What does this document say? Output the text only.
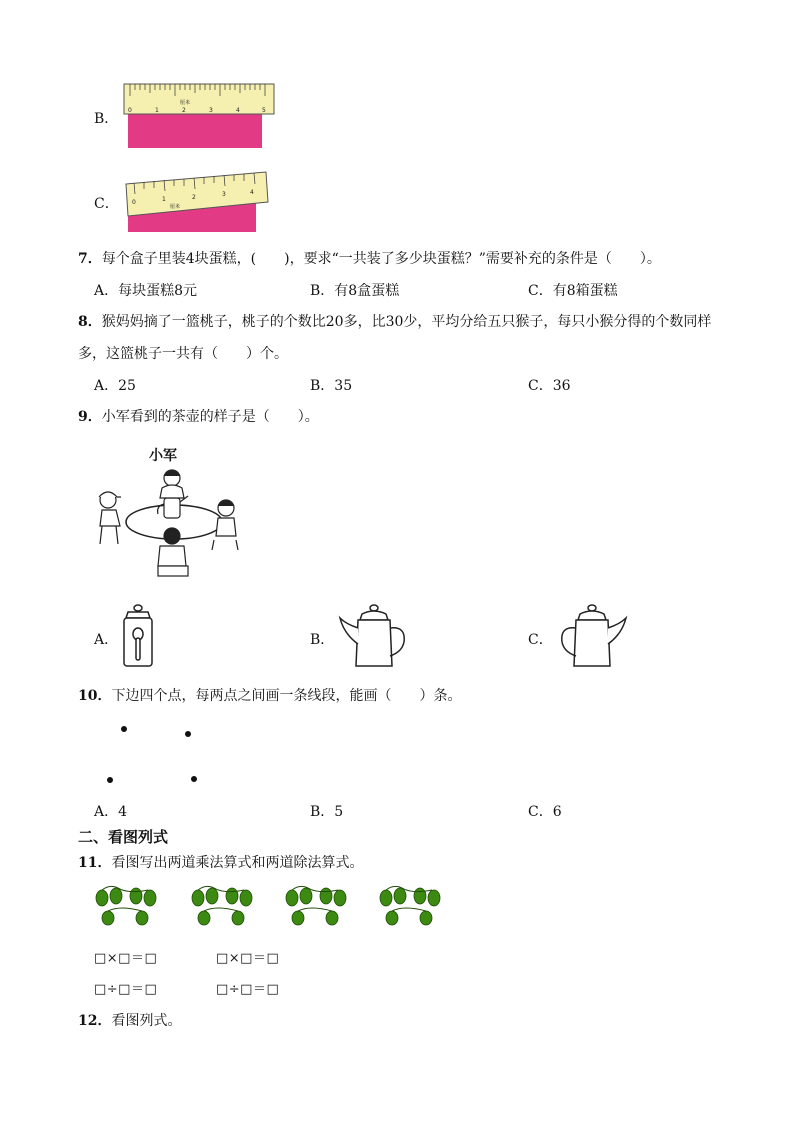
B．
0	1	2	3	4	5
厘米
C． 0	1	2	3	4
厘米
7．每个盒子里装4块蛋糕，(　　)，要求“一共装了多少块蛋糕？”需要补充的条件是（　　）。
A．每块蛋糕8元	B．有8盒蛋糕	C．有8箱蛋糕
8．猴妈妈摘了一篮桃子，桃子的个数比20多，比30少，平均分给五只猴子，每只小猴分得的个数同样
多，这篮桃子一共有（　　）个。
A．25	B．35	C．36
9．小军看到的茶壶的样子是（　　）。
小军
A．	B．	C．
10．下边四个点，每两点之间画一条线段，能画（　　）条。
A．4	B．5	C．6
二、看图列式
11．看图写出两道乘法算式和两道除法算式。
□×□＝□	□×□＝□
□÷□＝□	□÷□＝□
12．看图列式。
